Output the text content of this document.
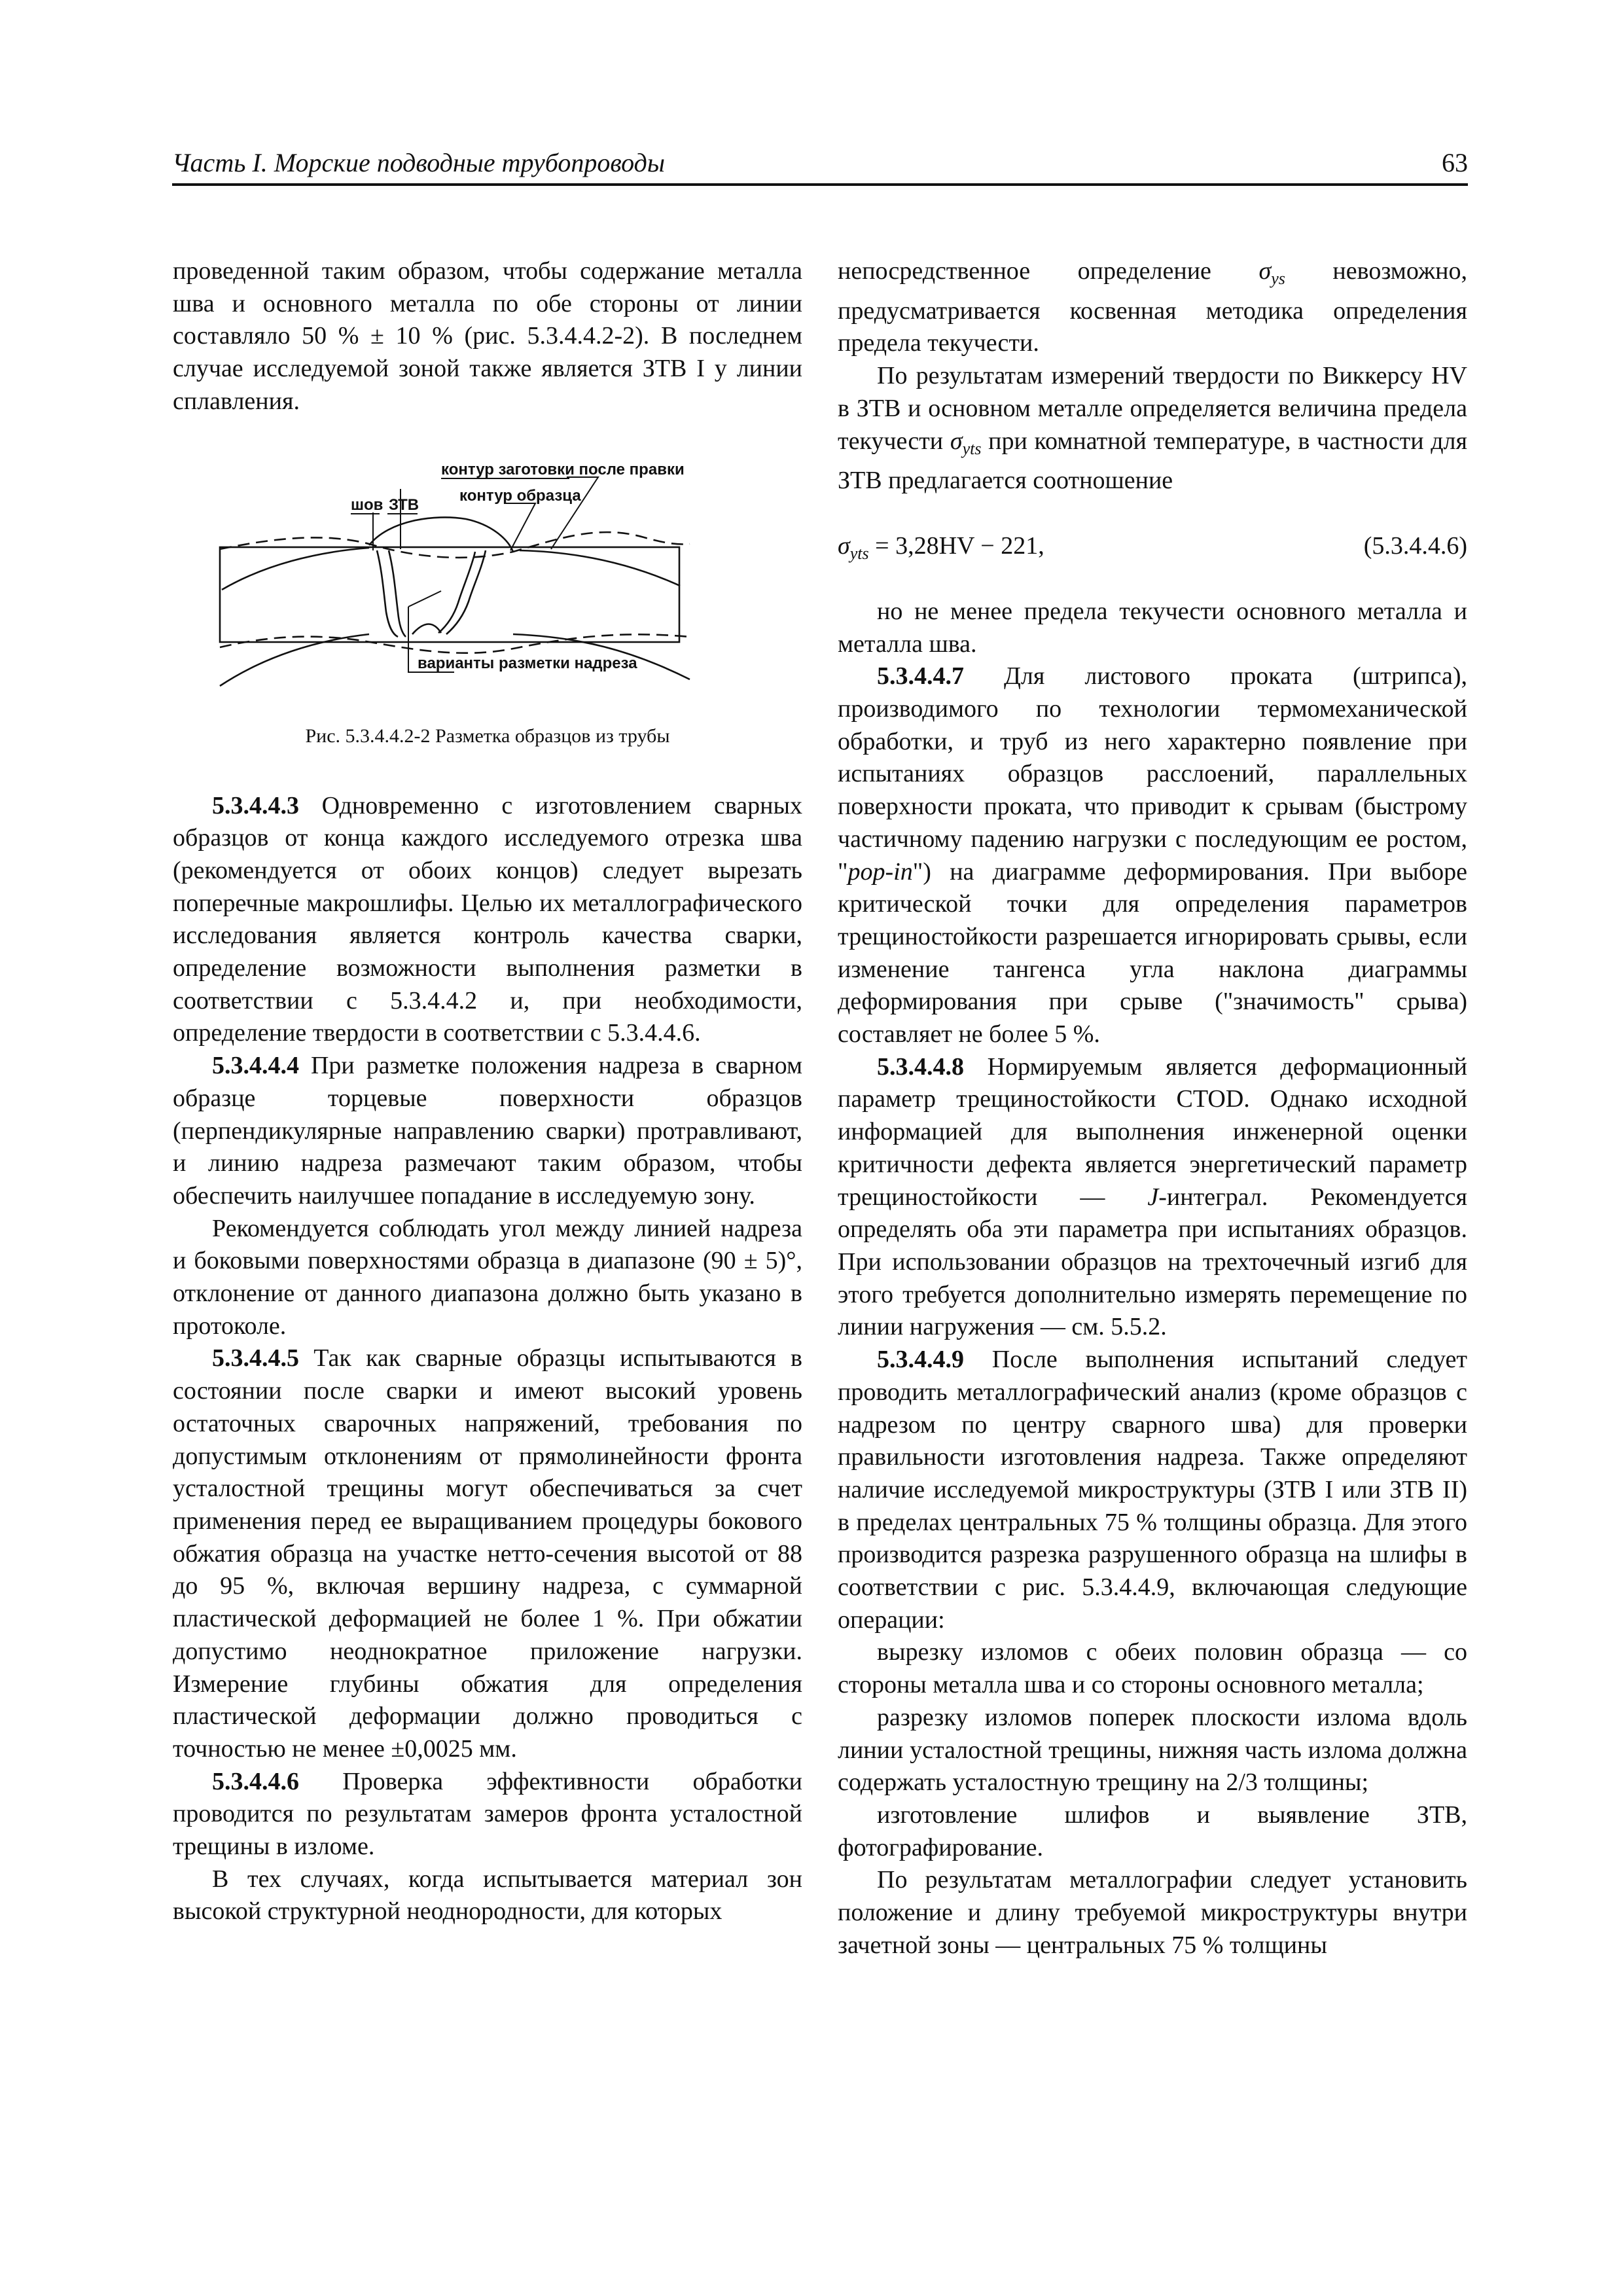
Часть I. Морские подводные трубопроводы	63

проведенной таким образом, чтобы содержание металла шва и основного металла по обе стороны от линии составляло 50 % ± 10 % (рис. 5.3.4.4.2-2). В последнем случае исследуемой зоной также является ЗТВ I у линии сплавления.

контур заготовки после правки
контур образца
шов ЗТВ
варианты разметки надреза
Рис. 5.3.4.4.2-2 Разметка образцов из трубы

5.3.4.4.3 Одновременно с изготовлением сварных образцов от конца каждого исследуемого отрезка шва (рекомендуется от обоих концов) следует вырезать поперечные макрошлифы. Целью их металлографического исследования является контроль качества сварки, определение возможности выполнения разметки в соответствии с 5.3.4.4.2 и, при необходимости, определение твердости в соответствии с 5.3.4.4.6.

5.3.4.4.4 При разметке положения надреза в сварном образце торцевые поверхности образцов (перпендикулярные направлению сварки) протравливают, и линию надреза размечают таким образом, чтобы обеспечить наилучшее попадание в исследуемую зону.

Рекомендуется соблюдать угол между линией надреза и боковыми поверхностями образца в диапазоне (90 ± 5)°, отклонение от данного диапазона должно быть указано в протоколе.

5.3.4.4.5 Так как сварные образцы испытываются в состоянии после сварки и имеют высокий уровень остаточных сварочных напряжений, требования по допустимым отклонениям от прямолинейности фронта усталостной трещины могут обеспечиваться за счет применения перед ее выращиванием процедуры бокового обжатия образца на участке нетто-сечения высотой от 88 до 95 %, включая вершину надреза, с суммарной пластической деформацией не более 1 %. При обжатии допустимо неоднократное приложение нагрузки. Измерение глубины обжатия для определения пластической деформации должно проводиться с точностью не менее ±0,0025 мм.

5.3.4.4.6 Проверка эффективности обработки проводится по результатам замеров фронта усталостной трещины в изломе.

В тех случаях, когда испытывается материал зон высокой структурной неоднородности, для которых

непосредственное определение $\sigma_{ys}$ невозможно, предусматривается косвенная методика определения предела текучести.

По результатам измерений твердости по Виккерсу HV в ЗТВ и основном металле определяется величина предела текучести $\sigma_{yts}$ при комнатной температуре, в частности для ЗТВ предлагается соотношение

$\sigma_{yts} = 3,28HV - 221$,	(5.3.4.4.6)

но не менее предела текучести основного металла и металла шва.

5.3.4.4.7 Для листового проката (штрипса), производимого по технологии термомеханической обработки, и труб из него характерно появление при испытаниях образцов расслоений, параллельных поверхности проката, что приводит к срывам (быстрому частичному падению нагрузки с последующим ее ростом, "pop-in") на диаграмме деформирования. При выборе критической точки для определения параметров трещиностойкости разрешается игнорировать срывы, если изменение тангенса угла наклона диаграммы деформирования при срыве ("значимость" срыва) составляет не более 5 %.

5.3.4.4.8 Нормируемым является деформационный параметр трещиностойкости CTOD. Однако исходной информацией для выполнения инженерной оценки критичности дефекта является энергетический параметр трещиностойкости — J-интеграл. Рекомендуется определять оба эти параметра при испытаниях образцов. При использовании образцов на трехточечный изгиб для этого требуется дополнительно измерять перемещение по линии нагружения — см. 5.5.2.

5.3.4.4.9 После выполнения испытаний следует проводить металлографический анализ (кроме образцов с надрезом по центру сварного шва) для проверки правильности изготовления надреза. Также определяют наличие исследуемой микроструктуры (ЗТВ I или ЗТВ II) в пределах центральных 75 % толщины образца. Для этого производится разрезка разрушенного образца на шлифы в соответствии с рис. 5.3.4.4.9, включающая следующие операции:

вырезку изломов с обеих половин образца — со стороны металла шва и со стороны основного металла;

разрезку изломов поперек плоскости излома вдоль линии усталостной трещины, нижняя часть излома должна содержать усталостную трещину на 2/3 толщины;

изготовление шлифов и выявление ЗТВ, фотографирование.

По результатам металлографии следует установить положение и длину требуемой микроструктуры внутри зачетной зоны — центральных 75 % толщины
